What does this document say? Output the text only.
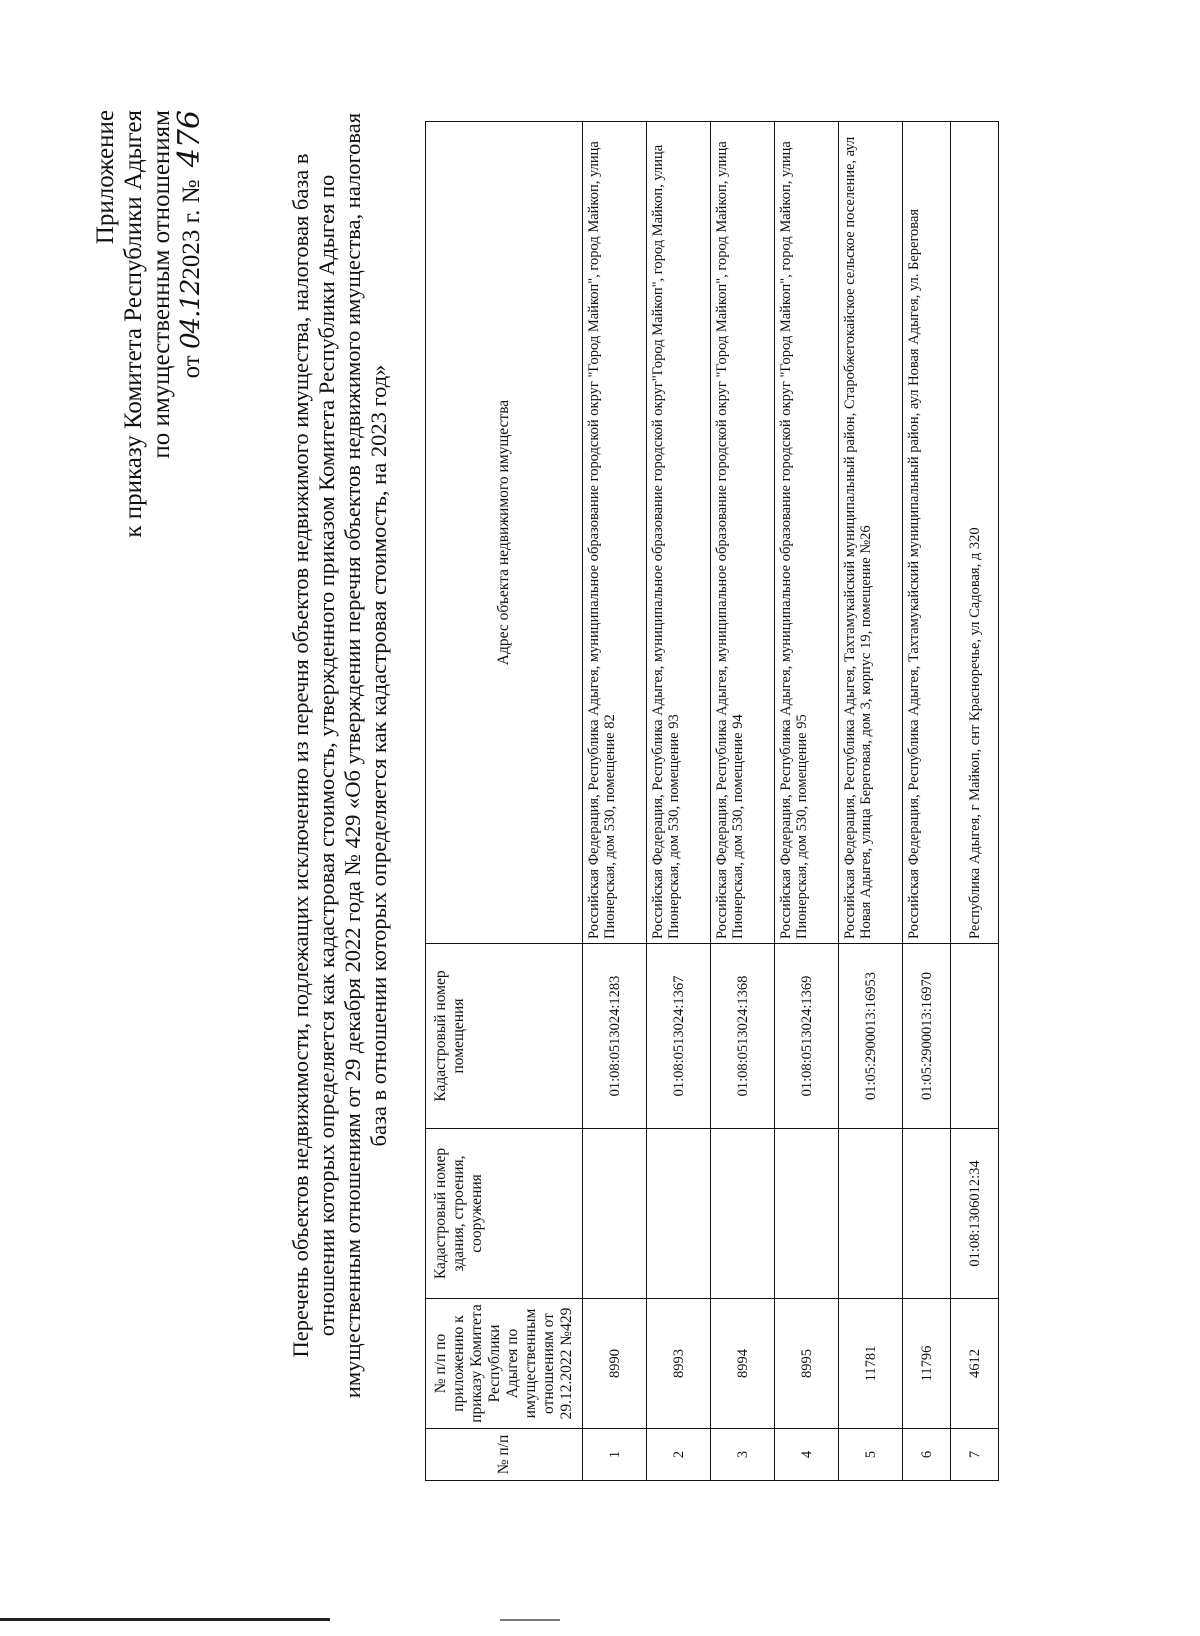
Приложение к приказу Комитета Республики Адыгея по имущественным отношениям от 04.122023 г. № 476
Перечень объектов недвижимости, подлежащих исключению из перечня объектов недвижимого имущества, налоговая база в отношении которых определяется как кадастровая стоимость, утвержденного приказом Комитета Республики Адыгея по имущественным отношениям от 29 декабря 2022 года № 429 «Об утверждении перечня объектов недвижимого имущества, налоговая база в отношении которых определяется как кадастровая стоимость, на 2023 год»
№ п/п	№ п/п по приложению к приказу Комитета Республики Адыгея по имущественным отношениям от 29.12.2022 №429	Кадастровый номер здания, строения, сооружения	Кадастровый номер помещения	Адрес объекта недвижимого имущества
1	8990		01:08:0513024:1283	Российская Федерация, Республика Адыгея, муниципальное образование городской округ "Город Майкоп", город Майкоп, улица Пионерская, дом 530, помещение 82
2	8993		01:08:0513024:1367	Российская Федерация, Республика Адыгея, муниципальное образование городской округ"Город Майкоп", город Майкоп, улица Пионерская, дом 530, помещение 93
3	8994		01:08:0513024:1368	Российская Федерация, Республика Адыгея, муниципальное образование городской округ "Город Майкоп", город Майкоп, улица Пионерская, дом 530, помещение 94
4	8995		01:08:0513024:1369	Российская Федерация, Республика Адыгея, муниципальное образование городской округ "Город Майкоп", город Майкоп, улица Пионерская, дом 530, помещение 95
5	11781		01:05:2900013:16953	Российская Федерация, Республика Адыгея, Тахтамукайский муниципальный район, Старобжегокайское сельское поселение, аул Новая Адыгея, улица Береговая, дом 3, корпус 19, помещение №26
6	11796		01:05:2900013:16970	Российская Федерация, Республика Адыгея, Тахтамукайский муниципальный район, аул Новая Адыгея, ул. Береговая
7	4612	01:08:1306012:34		Республика Адыгея, г Майкоп, снт Красноречье, ул Садовая, д 320
